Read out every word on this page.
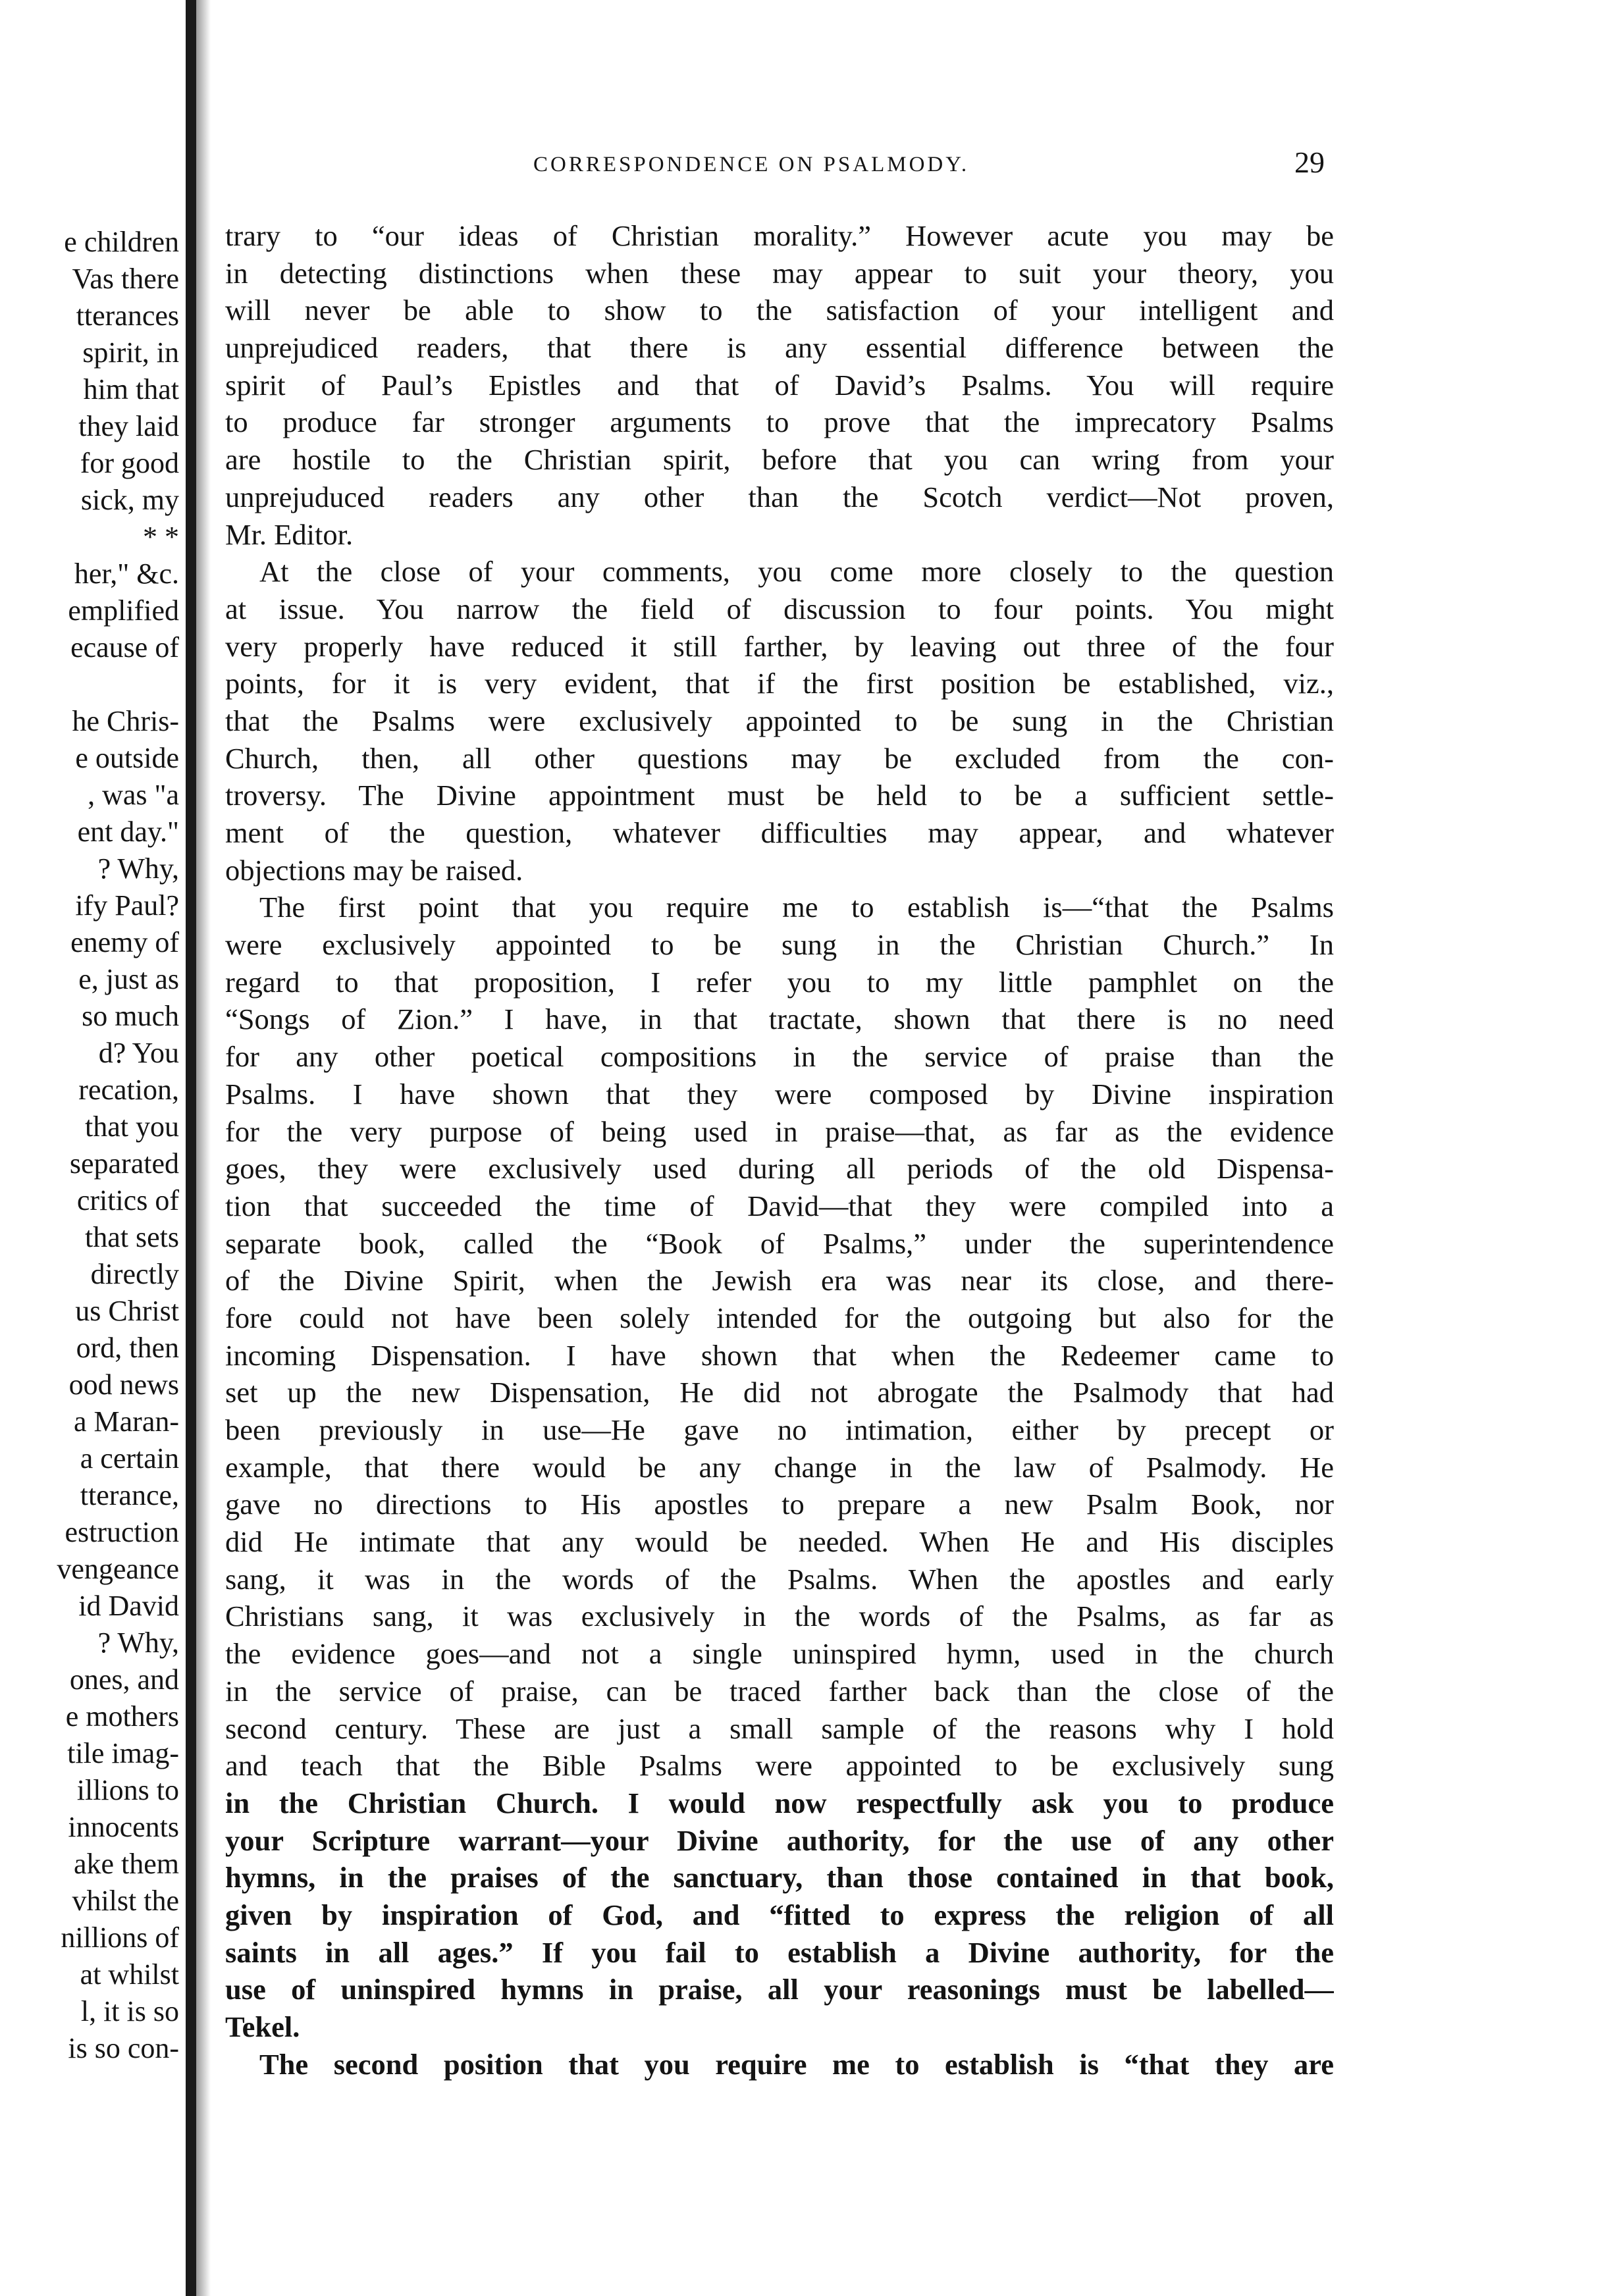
e children
Vas there
tterances
spirit, in
him that
they laid
for good
sick, my
* *
her," &c.
emplified
ecause of
he Chris-
e outside
, was "a
ent day."
? Why,
ify Paul?
enemy of
e, just as
so much
d? You
recation,
that you
separated
critics of
that sets
directly
us Christ
ord, then
ood news
a Maran-
a certain
tterance,
estruction
vengeance
id David
? Why,
ones, and
e mothers
tile imag-
illions to
innocents
ake them
vhilst the
nillions of
at whilst
l, it is so
is so con-
CORRESPONDENCE ON PSALMODY.	29
trary to “our ideas of Christian morality.” However acute you may be
in detecting distinctions when these may appear to suit your theory, you
will never be able to show to the satisfaction of your intelligent and
unprejudiced readers, that there is any essential difference between the
spirit of Paul’s Epistles and that of David’s Psalms. You will require
to produce far stronger arguments to prove that the imprecatory Psalms
are hostile to the Christian spirit, before that you can wring from your
unprejuduced readers any other than the Scotch verdict—Not proven,
Mr. Editor.
At the close of your comments, you come more closely to the question
at issue. You narrow the field of discussion to four points. You might
very properly have reduced it still farther, by leaving out three of the four
points, for it is very evident, that if the first position be established, viz.,
that the Psalms were exclusively appointed to be sung in the Christian
Church, then, all other questions may be excluded from the con-
troversy. The Divine appointment must be held to be a sufficient settle-
ment of the question, whatever difficulties may appear, and whatever
objections may be raised.
The first point that you require me to establish is—“that the Psalms
were exclusively appointed to be sung in the Christian Church.” In
regard to that proposition, I refer you to my little pamphlet on the
“Songs of Zion.” I have, in that tractate, shown that there is no need
for any other poetical compositions in the service of praise than the
Psalms. I have shown that they were composed by Divine inspiration
for the very purpose of being used in praise—that, as far as the evidence
goes, they were exclusively used during all periods of the old Dispensa-
tion that succeeded the time of David—that they were compiled into a
separate book, called the “Book of Psalms,” under the superintendence
of the Divine Spirit, when the Jewish era was near its close, and there-
fore could not have been solely intended for the outgoing but also for the
incoming Dispensation. I have shown that when the Redeemer came to
set up the new Dispensation, He did not abrogate the Psalmody that had
been previously in use—He gave no intimation, either by precept or
example, that there would be any change in the law of Psalmody. He
gave no directions to His apostles to prepare a new Psalm Book, nor
did He intimate that any would be needed. When He and His disciples
sang, it was in the words of the Psalms. When the apostles and early
Christians sang, it was exclusively in the words of the Psalms, as far as
the evidence goes—and not a single uninspired hymn, used in the church
in the service of praise, can be traced farther back than the close of the
second century. These are just a small sample of the reasons why I hold
and teach that the Bible Psalms were appointed to be exclusively sung
in the Christian Church. I would now respectfully ask you to produce
your Scripture warrant—your Divine authority, for the use of any other
hymns, in the praises of the sanctuary, than those contained in that book,
given by inspiration of God, and “fitted to express the religion of all
saints in all ages.” If you fail to establish a Divine authority, for the
use of uninspired hymns in praise, all your reasonings must be labelled—
Tekel.
The second position that you require me to establish is “that they are
